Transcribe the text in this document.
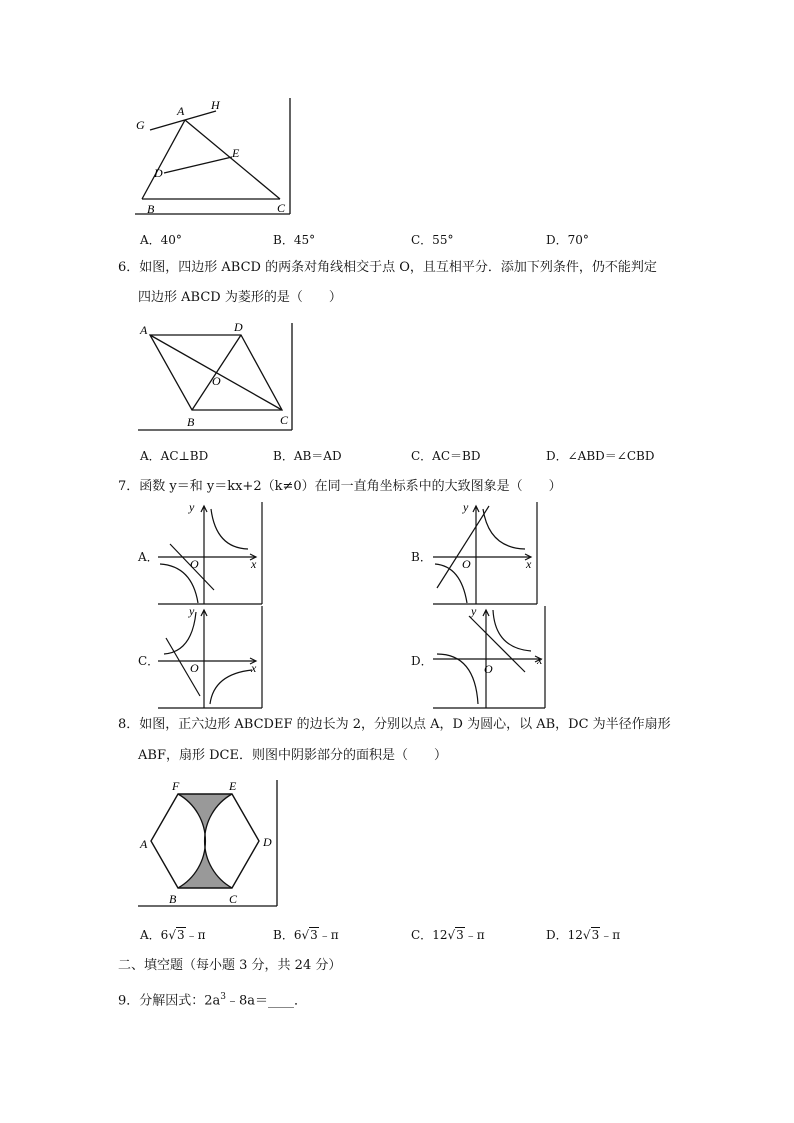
G
A H
E
D
B	C
A．40°	B．45°	C．55°	D．70°
6．如图，四边形 ABCD 的两条对角线相交于点 O，且互相平分．添加下列条件，仍不能判定
四边形 ABCD 为菱形的是（　　）
A	D
O
B	C
A．AC⊥BD	B．AB＝AD	C．AC＝BD	D．∠ABD＝∠CBD
7．函数 y＝和 y＝kx+2（k≠0）在同一直角坐标系中的大致图象是（　　）
A．
y
x
O	B．
y
x
O
C．
y
x
O	D．
y
x
O
8．如图，正六边形 ABCDEF 的边长为 2，分别以点 A，D 为圆心，以 AB，DC 为半径作扇形
ABF，扇形 DCE．则图中阴影部分的面积是（　　）
F	E
A	D
B	C
A．6√3﹣π	B．6√3﹣π	C．12√3﹣π	D．12√3﹣π
二、填空题（每小题 3 分，共 24 分）
9．分解因式：$2a^3﹣8a=\_\_\_\_$．
